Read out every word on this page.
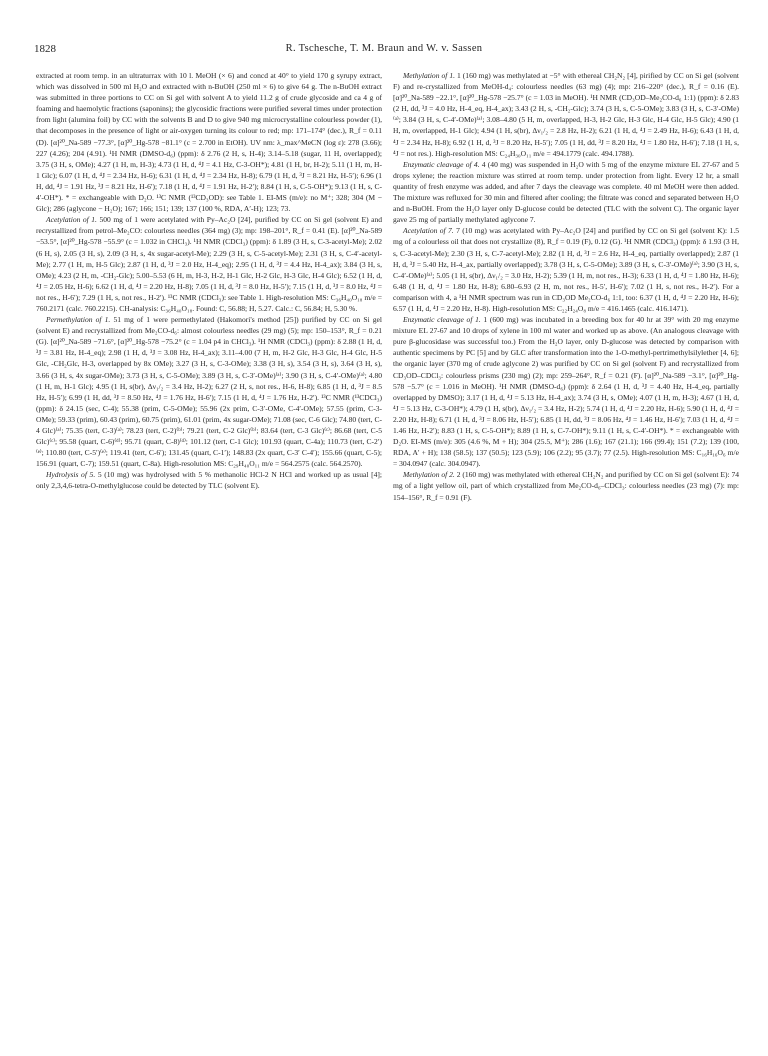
1828	R. Tschesche, T. M. Braun and W. v. Sassen

extracted at room temp. in an ultraturrax with 10 l. MeOH (× 6) and concd at 40° to yield 170 g syrupy extract, which was dissolved in 500 ml H₂O and extracted with n-BuOH (250 ml × 6) to give 64 g. The n-BuOH extract was submitted in three portions to CC on Si gel with solvent A to yield 11.2 g of crude glycoside and ca 4 g of foaming and haemolytic fractions (saponins); the glycosidic fractions were purified several times under protection from light (alumina foil) by CC with the solvents B and D to give 940 mg microcrystalline colourless powder (1), that decomposes in the presence of light or air-oxygen turning its colour to red; mp: 171–174° (dec.), R_f = 0.11 (D). [α]²⁰_Na-589 −77.3°, [α]²⁰_Hg-578 −81.1° (c = 2.700 in EtOH). UV nm: λ_max^MeCN (log ε): 278 (3.66); 227 (4.26); 204 (4.91). ¹H NMR (DMSO-d₆) (ppm): δ 2.76 (2 H, s, H-4); 3.14–5.18 (sugar, 11 H, overlapped); 3.75 (3 H, s, OMe); 4.27 (1 H, m, H-3); 4.73 (1 H, d, ⁴J = 4.1 Hz, C-3-OH*); 4.81 (1 H, br, H-2); 5.11 (1 H, m, H-1 Glc); 6.07 (1 H, d, ⁴J = 2.34 Hz, H-6); 6.31 (1 H, d, ⁴J = 2.34 Hz, H-8); 6.79 (1 H, d, ³J = 8.21 Hz, H-5′); 6.96 (1 H, dd, ⁴J = 1.91 Hz, ³J = 8.21 Hz, H-6′); 7.18 (1 H, d, ⁴J = 1.91 Hz, H-2′); 8.84 (1 H, s, C-5-OH*); 9.13 (1 H, s, C-4′-OH*). * = exchangeable with D₂O. ¹³C NMR (¹³CD₃OD): see Table 1. EI-MS (m/e): no M⁺; 328; 304 (M − Glc); 286 (aglycone − H₂O); 167; 166; 151; 139; 137 (100 %, RDA, A′-H); 123; 73.

Acetylation of 1. 500 mg of 1 were acetylated with Py–Ac₂O [24], purified by CC on Si gel (solvent E) and recrystallized from petrol–Me₂CO: colourless needles (364 mg) (3); mp: 198–201°, R_f = 0.41 (E). [α]²⁰_Na-589 −53.5°, [α]²⁰_Hg-578 −55.9° (c = 1.032 in CHCl₃). ¹H NMR (CDCl₃) (ppm): δ 1.89 (3 H, s, C-3-acetyl-Me); 2.02 (6 H, s), 2.05 (3 H, s), 2.09 (3 H, s, 4x sugar-acetyl-Me); 2.29 (3 H, s, C-5-acetyl-Me); 2.31 (3 H, s, C-4′-acetyl-Me); 2.77 (1 H, m, H-5 Glc); 2.87 (1 H, d, ³J = 2.0 Hz, H-4_eq); 2.95 (1 H, d, ³J = 4.4 Hz, H-4_ax); 3.84 (3 H, s, OMe); 4.23 (2 H, m, -CH₂-Glc); 5.00–5.53 (6 H, m, H-3, H-2, H-1 Glc, H-2 Glc, H-3 Glc, H-4 Glc); 6.52 (1 H, d, ⁴J = 2.05 Hz, H-6); 6.62 (1 H, d, ⁴J = 2.20 Hz, H-8); 7.05 (1 H, d, ³J = 8.0 Hz, H-5′); 7.15 (1 H, d, ³J = 8.0 Hz, ⁴J = not res., H-6′); 7.29 (1 H, s, not res., H-2′). ¹³C NMR (CDCl₃): see Table 1. High-resolution MS: C₃₆H₄₀O₁₈ m/e = 760.2171 (calc. 760.2215). CH-analysis: C₃₆H₄₀O₁₈. Found: C, 56.88; H, 5.27. Calc.: C, 56.84; H, 5.30 %.

Permethylation of 1. 51 mg of 1 were permethylated (Hakomori's method [25]) purified by CC on Si gel (solvent E) and recrystallized from Me₂CO-d₆: almost colourless needles (29 mg) (5); mp: 150–153°, R_f = 0.21 (G). [α]²⁰_Na-589 −71.6°, [α]²⁰_Hg-578 −75.2° (c = 1.04 p4 in CHCl₃). ¹H NMR (CDCl₃) (ppm): δ 2.88 (1 H, d, ³J = 3.81 Hz, H-4_eq); 2.98 (1 H, d, ³J = 3.08 Hz, H-4_ax); 3.11–4.00 (7 H, m, H-2 Glc, H-3 Glc, H-4 Glc, H-5 Glc, -CH₂Glc, H-3, overlapped by 8x OMe); 3.27 (3 H, s, C-3-OMe); 3.38 (3 H, s), 3.54 (3 H, s), 3.64 (3 H, s), 3.66 (3 H, s, 4x sugar-OMe); 3.73 (3 H, s, C-5-OMe); 3.89 (3 H, s, C-3′-OMe)⁽ᵃ⁾; 3.90 (3 H, s, C-4′-OMe)⁽ᵃ⁾; 4.80 (1 H, m, H-1 Glc); 4.95 (1 H, s(br), Δν₁/₂ = 3.4 Hz, H-2); 6.27 (2 H, s, not res., H-6, H-8); 6.85 (1 H, d, ³J = 8.5 Hz, H-5′); 6.99 (1 H, dd, ³J = 8.50 Hz, ⁴J = 1.76 Hz, H-6′); 7.15 (1 H, d, ⁴J = 1.76 Hz, H-2′). ¹³C NMR (¹³CDCl₃) (ppm): δ 24.15 (sec, C-4); 55.38 (prim, C-5-OMe); 55.96 (2x prim, C-3′-OMe, C-4′-OMe); 57.55 (prim, C-3-OMe); 59.33 (prim), 60.43 (prim), 60.75 (prim), 61.01 (prim, 4x sugar-OMe); 71.08 (sec, C-6 Glc); 74.80 (tert, C-4 Glc)⁽ᵃ⁾; 75.35 (tert, C-3)⁽ᵃ⁾; 78.23 (tert, C-2)⁽ᵇ⁾; 79.21 (tert, C-2 Glc)⁽ᵇ⁾; 83.64 (tert, C-3 Glc)⁽ᶜ⁾; 86.68 (tert, C-5 Glc)⁽ᶜ⁾; 95.58 (quart, C-6)⁽ᵈ⁾; 95.71 (quart, C-8)⁽ᵈ⁾; 101.12 (tert, C-1 Glc); 101.93 (quart, C-4a); 110.73 (tert, C-2′)⁽ᵉ⁾; 110.80 (tert, C-5′)⁽ᵉ⁾; 119.41 (tert, C-6′); 131.45 (quart, C-1′); 148.83 (2x quart, C-3′ C-4′); 155.66 (quart, C-5); 156.91 (quart, C-7); 159.51 (quart, C-8a). High-resolution MS: C₂₉H₄₀O₁₁ m/e = 564.2575 (calc. 564.2570).

Hydrolysis of 5. 5 (10 mg) was hydrolysed with 5 % methanolic HCl-2 N HCl and worked up as usual [4]; only 2,3,4,6-tetra-O-methylglucose could be detected by TLC (solvent E).

Methylation of 1. 1 (160 mg) was methylated at −5° with ethereal CH₂N₂ [4], pirified by CC on Si gel (solvent F) and re-crystallized from MeOH-d₄: colourless needles (63 mg) (4); mp: 216–220° (dec.), R_f = 0.16 (E). [α]²⁰_Na-589 −22.1°, [α]²⁰_Hg-578 −25.7° (c = 1.03 in MeOH). ¹H NMR (CD₃OD–Me₂CO-d₆ 1:1) (ppm): δ 2.83 (2 H, dd, ³J = 4.0 Hz, H-4_eq, H-4_ax); 3.43 (2 H, s, -CH₂-Glc); 3.74 (3 H, s, C-5-OMe); 3.83 (3 H, s, C-3′-OMe)⁽ᵃ⁾; 3.84 (3 H, s, C-4′-OMe)⁽ᵃ⁾; 3.08–4.80 (5 H, m, overlapped, H-3, H-2 Glc, H-3 Glc, H-4 Glc, H-5 Glc); 4.90 (1 H, m, overlapped, H-1 Glc); 4.94 (1 H, s(br), Δν₁/₂ = 2.8 Hz, H-2); 6.21 (1 H, d, ⁴J = 2.49 Hz, H-6); 6.43 (1 H, d, ⁴J = 2.34 Hz, H-8); 6.92 (1 H, d, ³J = 8.20 Hz, H-5′); 7.05 (1 H, dd, ³J = 8.20 Hz, ⁴J = 1.80 Hz, H-6′); 7.18 (1 H, s, ⁴J = not res.). High-resolution MS: C₂₄H₃₀O₁₁ m/e = 494.1779 (calc. 494.1788).

Enzymatic cleavage of 4. 4 (40 mg) was suspended in H₂O with 5 mg of the enzyme mixture EL 27-67 and 5 drops xylene; the reaction mixture was stirred at room temp. under protection from light. Every 12 hr, a small quantity of fresh enzyme was added, and after 7 days the cleavage was complete. 40 ml MeOH were then added. The mixture was refluxed for 30 min and filtered after cooling; the filtrate was concd and separated between H₂O and n-BuOH. From the H₂O layer only D-glucose could be detected (TLC with the solvent C). The organic layer gave 25 mg of partially methylated aglycone 7.

Acetylation of 7. 7 (10 mg) was acetylated with Py–Ac₂O [24] and purified by CC on Si gel (solvent K): 1.5 mg of a colourless oil that does not crystallize (8), R_f = 0.19 (F), 0.12 (G). ¹H NMR (CDCl₃) (ppm): δ 1.93 (3 H, s, C-3-acetyl-Me); 2.30 (3 H, s, C-7-acetyl-Me); 2.82 (1 H, d, ³J = 2.6 Hz, H-4_eq, partially overlapped); 2.87 (1 H, d, ³J = 5.40 Hz, H-4_ax, partially overlapped); 3.78 (3 H, s, C-5-OMe); 3.89 (3 H, s, C-3′-OMe)⁽ᵃ⁾; 3.90 (3 H, s, C-4′-OMe)⁽ᵃ⁾; 5.05 (1 H, s(br), Δν₁/₂ = 3.0 Hz, H-2); 5.39 (1 H, m, not res., H-3); 6.33 (1 H, d, ⁴J = 1.80 Hz, H-6); 6.48 (1 H, d, ⁴J = 1.80 Hz, H-8); 6.80–6.93 (2 H, m, not res., H-5′, H-6′); 7.02 (1 H, s, not res., H-2′). For a comparison with 4, a ¹H NMR spectrum was run in CD₃OD Me₂CO-d₆ 1:1, too: 6.37 (1 H, d, ⁴J = 2.20 Hz, H-6); 6.57 (1 H, d, ⁴J = 2.20 Hz, H-8). High-resolution MS: C₂₂H₂₄O₈ m/e = 416.1465 (calc. 416.1471).

Enzymatic cleavage of 1. 1 (600 mg) was incubated in a breeding box for 40 hr at 39° with 20 mg enzyme mixture EL 27-67 and 10 drops of xylene in 100 ml water and worked up as above. (An analogous cleavage with pure β-glucosidase was successful too.) From the H₂O layer, only D-glucose was detected by comparison with authentic specimens by PC [5] and by GLC after transformation into the 1-O-methyl-pertrimethylsilylether [4, 6]; the organic layer (370 mg of crude aglycone 2) was purified by CC on Si gel (solvent F) and recrystallized from CD₃OD–CDCl₃: colourless prisms (230 mg) (2); mp: 259–264°, R_f = 0.21 (F). [α]²⁰_Na-589 −3.1°, [α]²⁰_Hg-578 −5.7° (c = 1.016 in MeOH). ¹H NMR (DMSO-d₆) (ppm): δ 2.64 (1 H, d, ³J = 4.40 Hz, H-4_eq, partially overlapped by DMSO); 3.17 (1 H, d, ⁴J = 5.13 Hz, H-4_ax); 3.74 (3 H, s, OMe); 4.07 (1 H, m, H-3); 4.67 (1 H, d, ⁴J = 5.13 Hz, C-3-OH*); 4.79 (1 H, s(br), Δν₁/₂ = 3.4 Hz, H-2); 5.74 (1 H, d, ⁴J = 2.20 Hz, H-6); 5.90 (1 H, d, ⁴J = 2.20 Hz, H-8); 6.71 (1 H, d, ³J = 8.06 Hz, H-5′); 6.85 (1 H, dd, ³J = 8.06 Hz, ⁴J = 1.46 Hz, H-6′); 7.03 (1 H, d, ⁴J = 1.46 Hz, H-2′); 8.83 (1 H, s, C-5-OH*); 8.89 (1 H, s, C-7-OH*); 9.11 (1 H, s, C-4′-OH*). * = exchangeable with D₂O. EI-MS (m/e): 305 (4.6 %, M + H); 304 (25.5, M⁺); 286 (1.6); 167 (21.1); 166 (99.4); 151 (7.2); 139 (100, RDA, A′ + H); 138 (58.5); 137 (50.5); 123 (5.9); 106 (2.2); 95 (3.7); 77 (2.5). High-resolution MS: C₁₆H₁₆O₆ m/e = 304.0947 (calc. 304.0947).

Methylation of 2. 2 (160 mg) was methylated with ethereal CH₂N₂ and purified by CC on Si gel (solvent E): 74 mg of a light yellow oil, part of which crystallized from Me₂CO-d₆–CDCl₃: colourless needles (23 mg) (7): mp: 154–156°, R_f = 0.91 (F).
